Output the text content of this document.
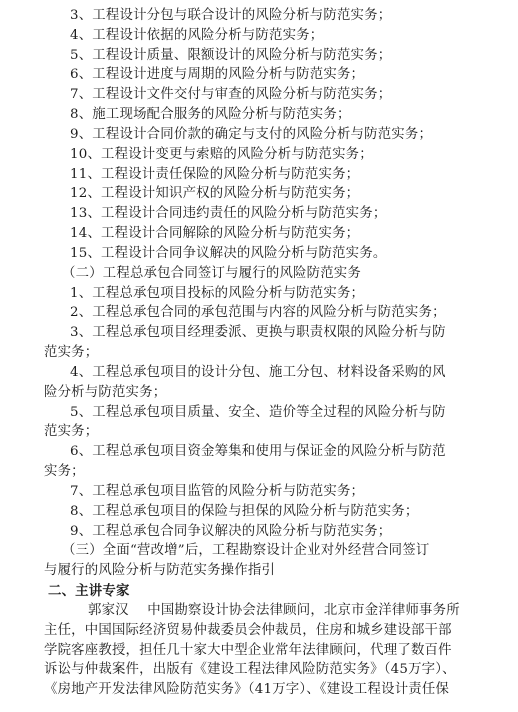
3、工程设计分包与联合设计的风险分析与防范实务；
4、工程设计依据的风险分析与防范实务；
5、工程设计质量、限额设计的风险分析与防范实务；
6、工程设计进度与周期的风险分析与防范实务；
7、工程设计文件交付与审查的风险分析与防范实务；
8、施工现场配合服务的风险分析与防范实务；
9、工程设计合同价款的确定与支付的风险分析与防范实务；
10、工程设计变更与索赔的风险分析与防范实务；
11、工程设计责任保险的风险分析与防范实务；
12、工程设计知识产权的风险分析与防范实务；
13、工程设计合同违约责任的风险分析与防范实务；
14、工程设计合同解除的风险分析与防范实务；
15、工程设计合同争议解决的风险分析与防范实务。
（二）工程总承包合同签订与履行的风险防范实务
1、工程总承包项目投标的风险分析与防范实务；
2、工程总承包合同的承包范围与内容的风险分析与防范实务；
3、工程总承包项目经理委派、更换与职责权限的风险分析与防
范实务；
4、工程总承包项目的设计分包、施工分包、材料设备采购的风
险分析与防范实务；
5、工程总承包项目质量、安全、造价等全过程的风险分析与防
范实务；
6、工程总承包项目资金筹集和使用与保证金的风险分析与防范
实务；
7、工程总承包项目监管的风险分析与防范实务；
8、工程总承包项目的保险与担保的风险分析与防范实务；
9、工程总承包合同争议解决的风险分析与防范实务；
（三）全面“营改增”后，工程勘察设计企业对外经营合同签订
与履行的风险分析与防范实务操作指引
二、主讲专家
郭家汉 中国勘察设计协会法律顾问，北京市金洋律师事务所
主任，中国国际经济贸易仲裁委员会仲裁员，住房和城乡建设部干部
学院客座教授，担任几十家大中型企业常年法律顾问，代理了数百件
诉讼与仲裁案件，出版有《建设工程法律风险防范实务》（45万字）、
《房地产开发法律风险防范实务》（41万字）、《建设工程设计责任保
